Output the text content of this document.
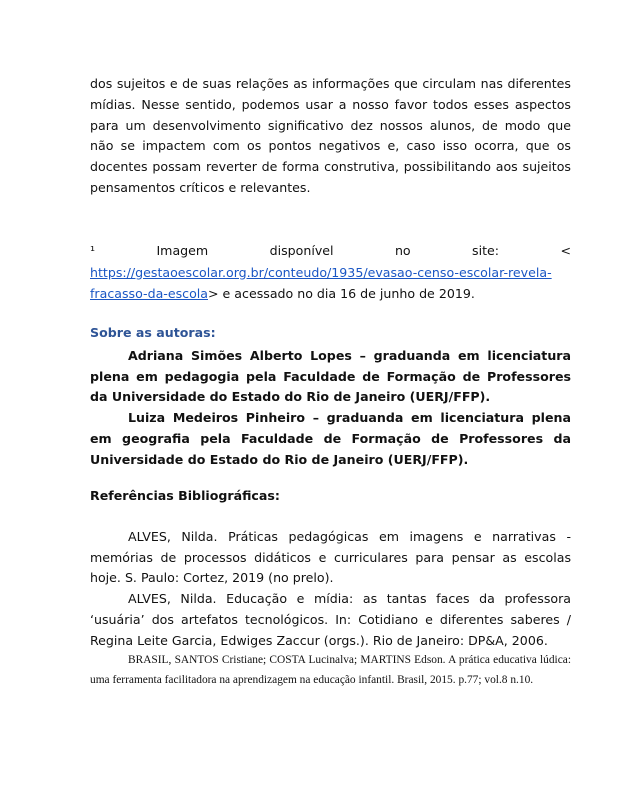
dos sujeitos e de suas relações as informações que circulam nas diferentes mídias. Nesse sentido, podemos usar a nosso favor todos esses aspectos para um desenvolvimento significativo dez nossos alunos, de modo que não se impactem com os pontos negativos e, caso isso ocorra, que os docentes possam reverter de forma construtiva, possibilitando aos sujeitos pensamentos críticos e relevantes.

¹	Imagem	disponível	no	site:	<

https://gestaoescolar.org.br/conteudo/1935/evasao-censo-escolar-revela-fracasso-da-escola> e acessado no dia 16 de junho de 2019.

Sobre as autoras:

Adriana Simões Alberto Lopes – graduanda em licenciatura plena em pedagogia pela Faculdade de Formação de Professores da Universidade do Estado do Rio de Janeiro (UERJ/FFP).

Luiza Medeiros Pinheiro – graduanda em licenciatura plena em geografia pela Faculdade de Formação de Professores da Universidade do Estado do Rio de Janeiro (UERJ/FFP).

Referências Bibliográficas:

ALVES, Nilda. Práticas pedagógicas em imagens e narrativas - memórias de processos didáticos e curriculares para pensar as escolas hoje. S. Paulo: Cortez, 2019 (no prelo).

ALVES, Nilda. Educação e mídia: as tantas faces da professora ‘usuária’ dos artefatos tecnológicos. In: Cotidiano e diferentes saberes / Regina Leite Garcia, Edwiges Zaccur (orgs.). Rio de Janeiro: DP&A, 2006.

BRASIL, SANTOS Cristiane; COSTA Lucinalva; MARTINS Edson. A prática educativa lúdica: uma ferramenta facilitadora na aprendizagem na educação infantil. Brasil, 2015. p.77; vol.8 n.10.
